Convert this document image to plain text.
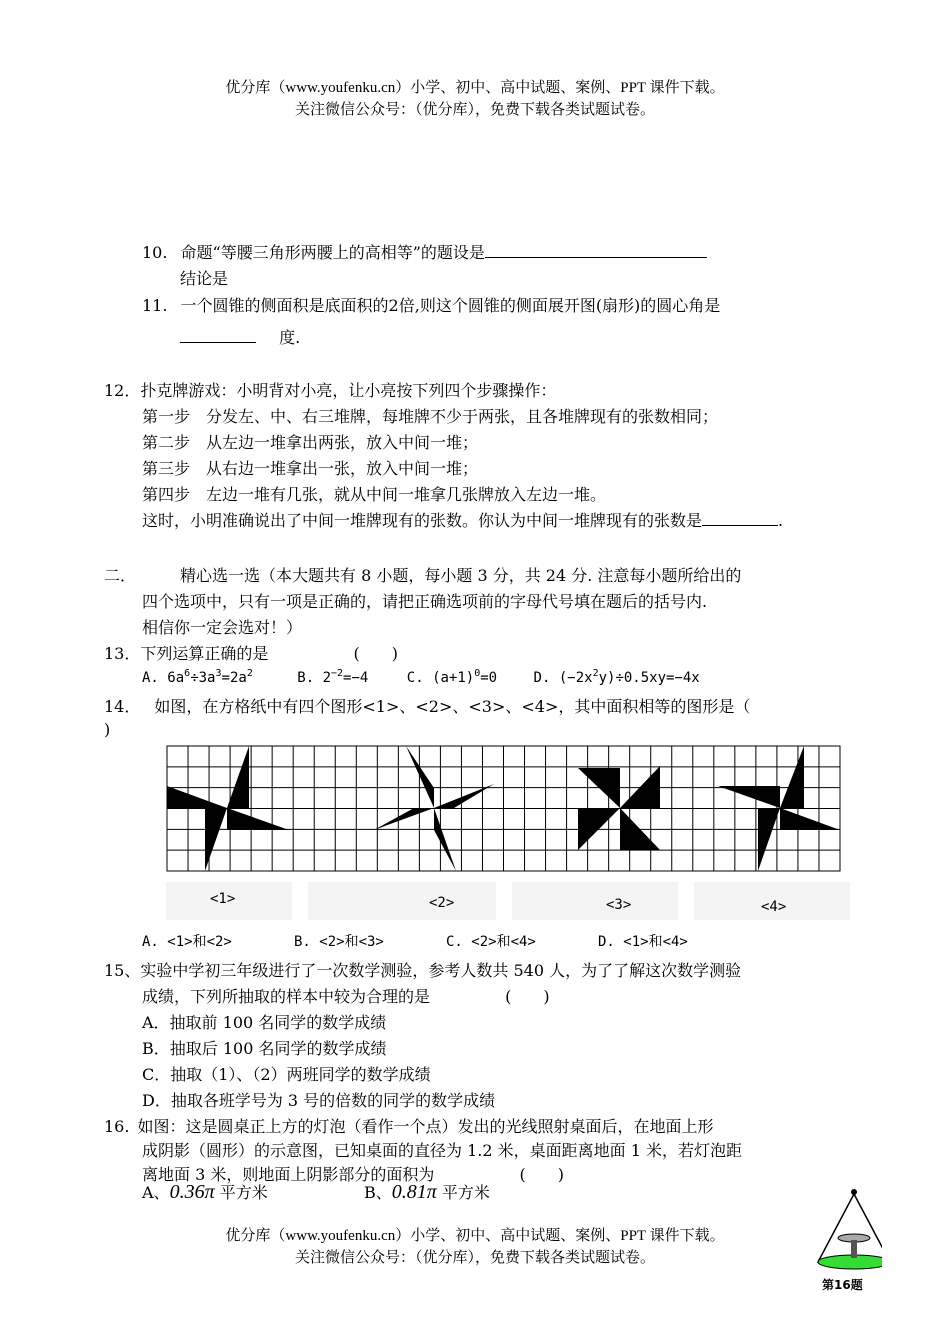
优分库（www.youfenku.cn）小学、初中、高中试题、案例、PPT 课件下载。
关注微信公众号：（优分库），免费下载各类试题试卷。
10. 命题“等腰三角形两腰上的高相等”的题设是
结论是
11. 一个圆锥的侧面积是底面积的2倍,则这个圆锥的侧面展开图(扇形)的圆心角是
度.
12．扑克牌游戏：小明背对小亮，让小亮按下列四个步骤操作：
第一步　分发左、中、右三堆牌，每堆牌不少于两张，且各堆牌现有的张数相同；
第二步　从左边一堆拿出两张，放入中间一堆；
第三步　从右边一堆拿出一张，放入中间一堆；
第四步　左边一堆有几张，就从中间一堆拿几张牌放入左边一堆。
这时，小明准确说出了中间一堆牌现有的张数。你认为中间一堆牌现有的张数是	.
二．	精心选一选（本大题共有 8 小题，每小题 3 分，共 24 分. 注意每小题所给出的
四个选项中，只有一项是正确的，请把正确选项前的字母代号填在题后的括号内.
相信你一定会选对！）
13．下列运算正确的是	(　　)
A. $6a^6\div 3a^3=2a^2$	B. $2^{-2}=-4$	C. $(a+1)^0=0$	D. $(-2x^2y)\div 0.5xy=-4x$
14． 如图，在方格纸中有四个图形<1>、<2>、<3>、<4>，其中面积相等的图形是（
)
<1>	<2>	<3>	<4>
A. <1>和<2>	B. <2>和<3>	C. <2>和<4>	D. <1>和<4>
15、实验中学初三年级进行了一次数学测验，参考人数共 540 人，为了了解这次数学测验
成绩，下列所抽取的样本中较为合理的是	(　　)
A．抽取前 100 名同学的数学成绩
B．抽取后 100 名同学的数学成绩
C．抽取（1）、（2）两班同学的数学成绩
D．抽取各班学号为 3 号的倍数的同学的数学成绩
16. 如图：这是圆桌正上方的灯泡（看作一个点）发出的光线照射桌面后，在地面上形
成阴影（圆形）的示意图，已知桌面的直径为 1.2 米，桌面距离地面 1 米，若灯泡距
离地面 3 米，则地面上阴影部分的面积为	(　　)
A、0.36π 平方米	B、0.81π 平方米
第16题
优分库（www.youfenku.cn）小学、初中、高中试题、案例、PPT 课件下载。
关注微信公众号：（优分库），免费下载各类试题试卷。
